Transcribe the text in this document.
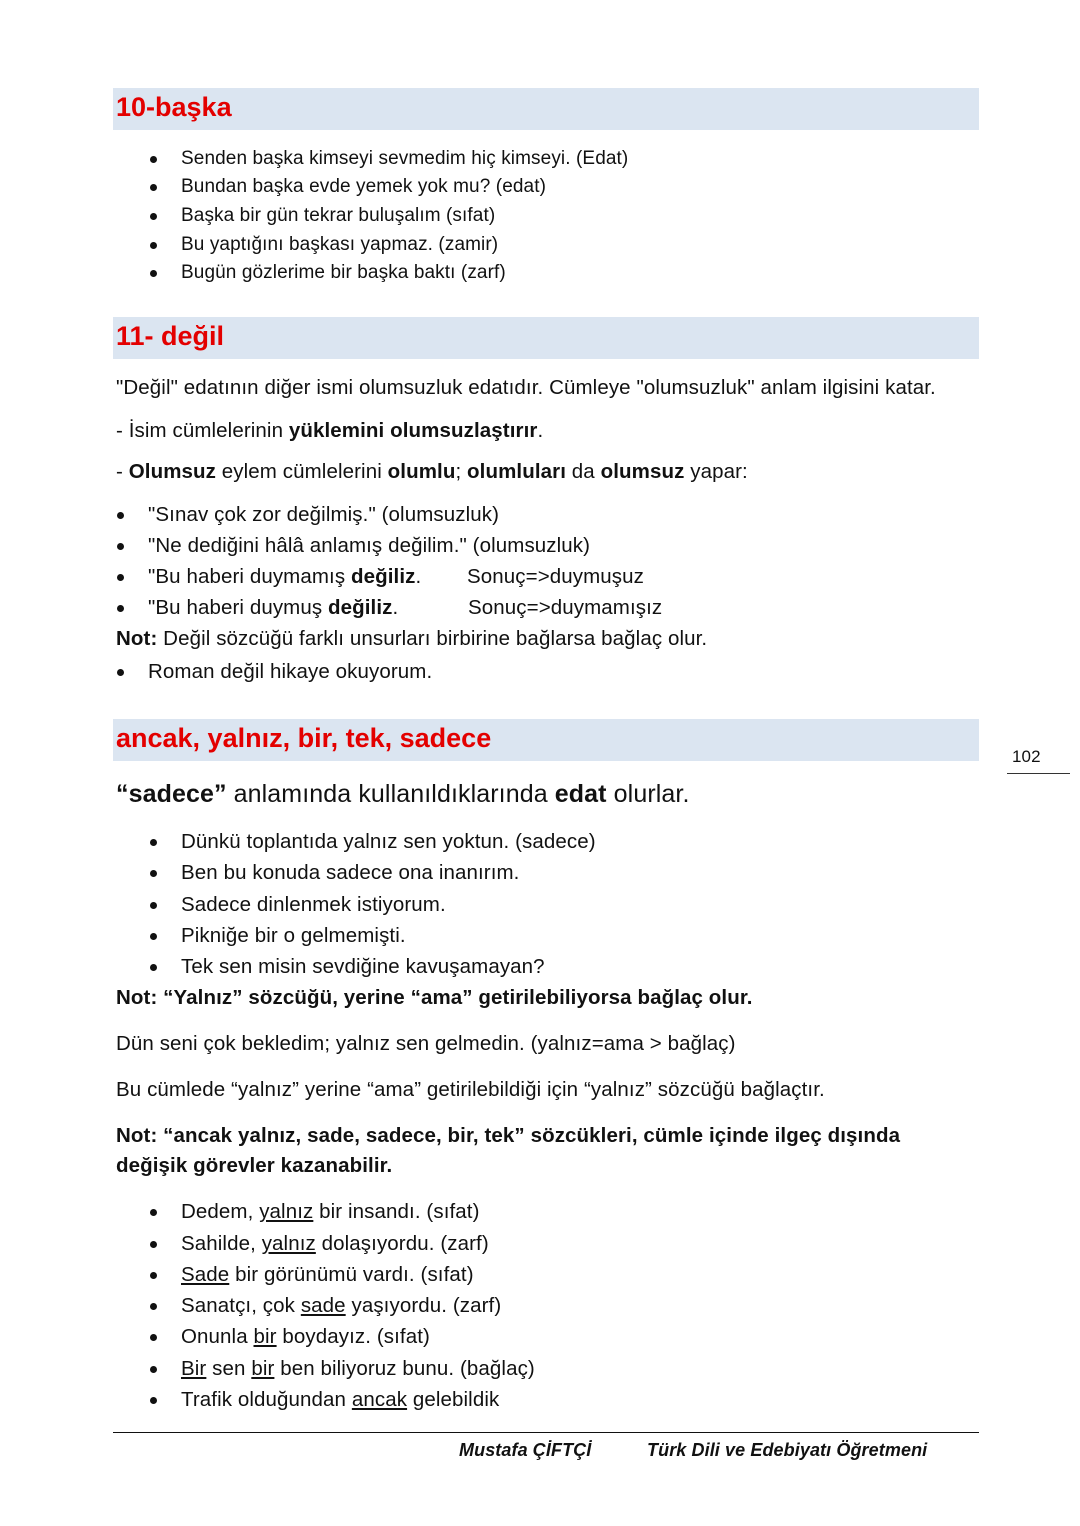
10-başka
Senden başka kimseyi sevmedim hiç kimseyi. (Edat)
Bundan başka evde yemek yok mu? (edat)
Başka bir gün tekrar buluşalım (sıfat)
Bu yaptığını başkası yapmaz. (zamir)
Bugün gözlerime bir başka baktı (zarf)
11- değil
"Değil" edatının diğer ismi olumsuzluk edatıdır. Cümleye "olumsuzluk" anlam ilgisini katar.
- İsim cümlelerinin yüklemini olumsuzlaştırır.
- Olumsuz eylem cümlelerini olumlu; olumluları da olumsuz yapar:
"Sınav çok zor değilmiş." (olumsuzluk)
"Ne dediğini hâlâ anlamış değilim." (olumsuzluk)
"Bu haberi duymamış değiliz. Sonuç=>duymuşuz
"Bu haberi duymuş değiliz.	Sonuç=>duymamışız
Not: Değil sözcüğü farklı unsurları birbirine bağlarsa bağlaç olur.
Roman değil hikaye okuyorum.
ancak, yalnız, bir, tek, sadece
“sadece” anlamında kullanıldıklarında edat olurlar.
Dünkü toplantıda yalnız sen yoktun. (sadece)
Ben bu konuda sadece ona inanırım.
Sadece dinlenmek istiyorum.
Pikniğe bir o gelmemişti.
Tek sen misin sevdiğine kavuşamayan?
Not: “Yalnız” sözcüğü, yerine “ama” getirilebiliyorsa bağlaç olur.
Dün seni çok bekledim; yalnız sen gelmedin. (yalnız=ama > bağlaç)
Bu cümlede “yalnız” yerine “ama” getirilebildiği için “yalnız” sözcüğü bağlaçtır.
Not: “ancak yalnız, sade, sadece, bir, tek” sözcükleri, cümle içinde ilgeç dışında
değişik görevler kazanabilir.
Dedem, yalnız bir insandı. (sıfat)
Sahilde, yalnız dolaşıyordu. (zarf)
Sade bir görünümü vardı. (sıfat)
Sanatçı, çok sade yaşıyordu. (zarf)
Onunla bir boydayız. (sıfat)
Bir sen bir ben biliyoruz bunu. (bağlaç)
Trafik olduğundan ancak gelebildik
102
Mustafa ÇİFTÇİ	Türk Dili ve Edebiyatı Öğretmeni
